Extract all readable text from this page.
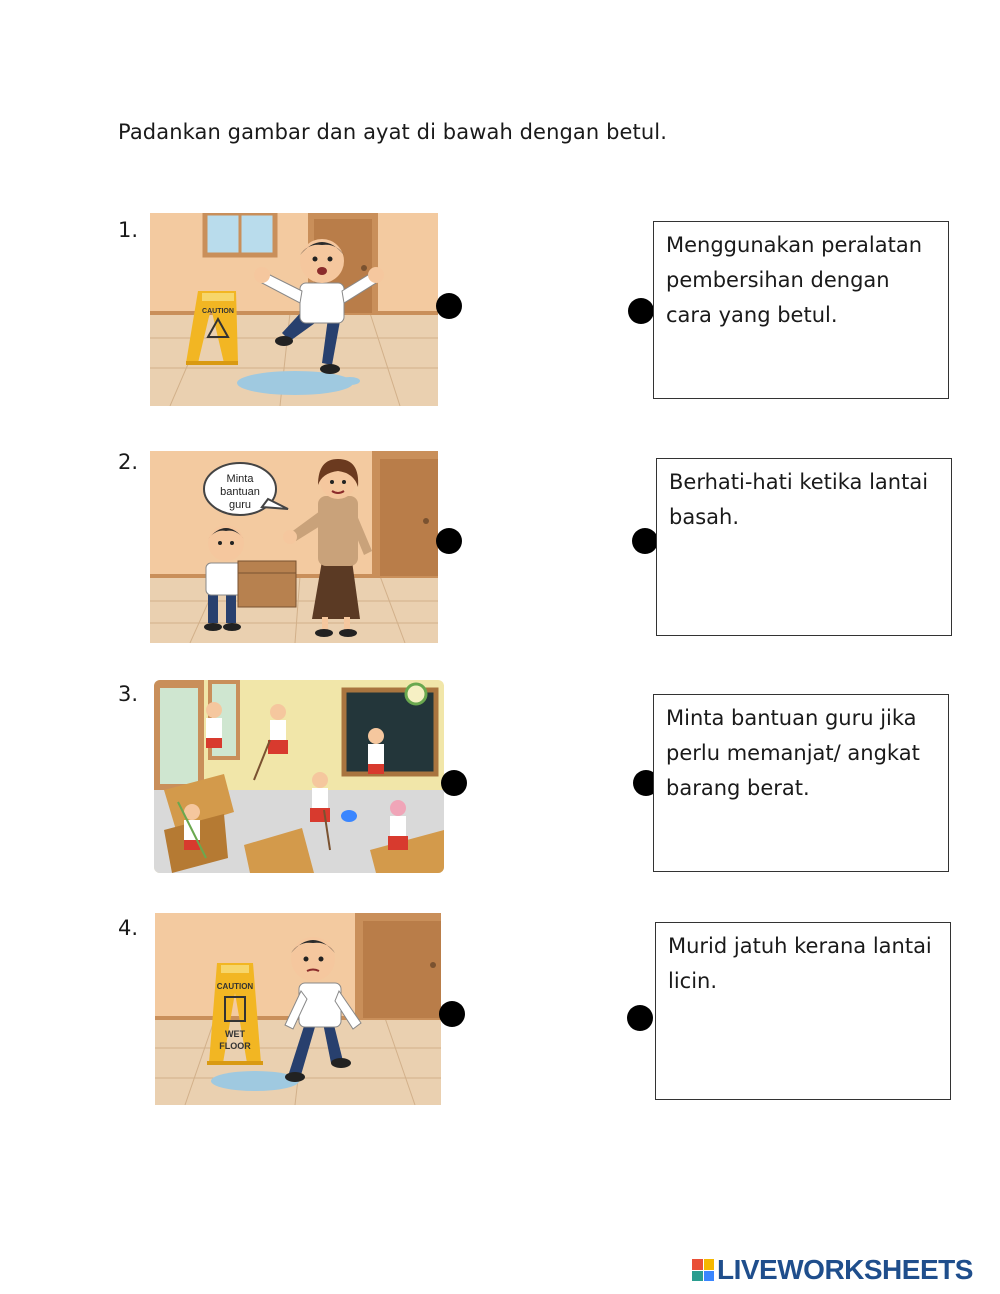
Padankan gambar dan ayat di bawah dengan betul.
1.
CAUTION
Menggunakan peralatan pembersihan dengan cara yang betul.
2.
Minta
bantuan
guru
Berhati-hati ketika lantai basah.
3.
Minta bantuan guru jika perlu memanjat/ angkat barang berat.
4.
CAUTION
WET
FLOOR
Murid jatuh kerana lantai licin.
LIVEWORKSHEETS
